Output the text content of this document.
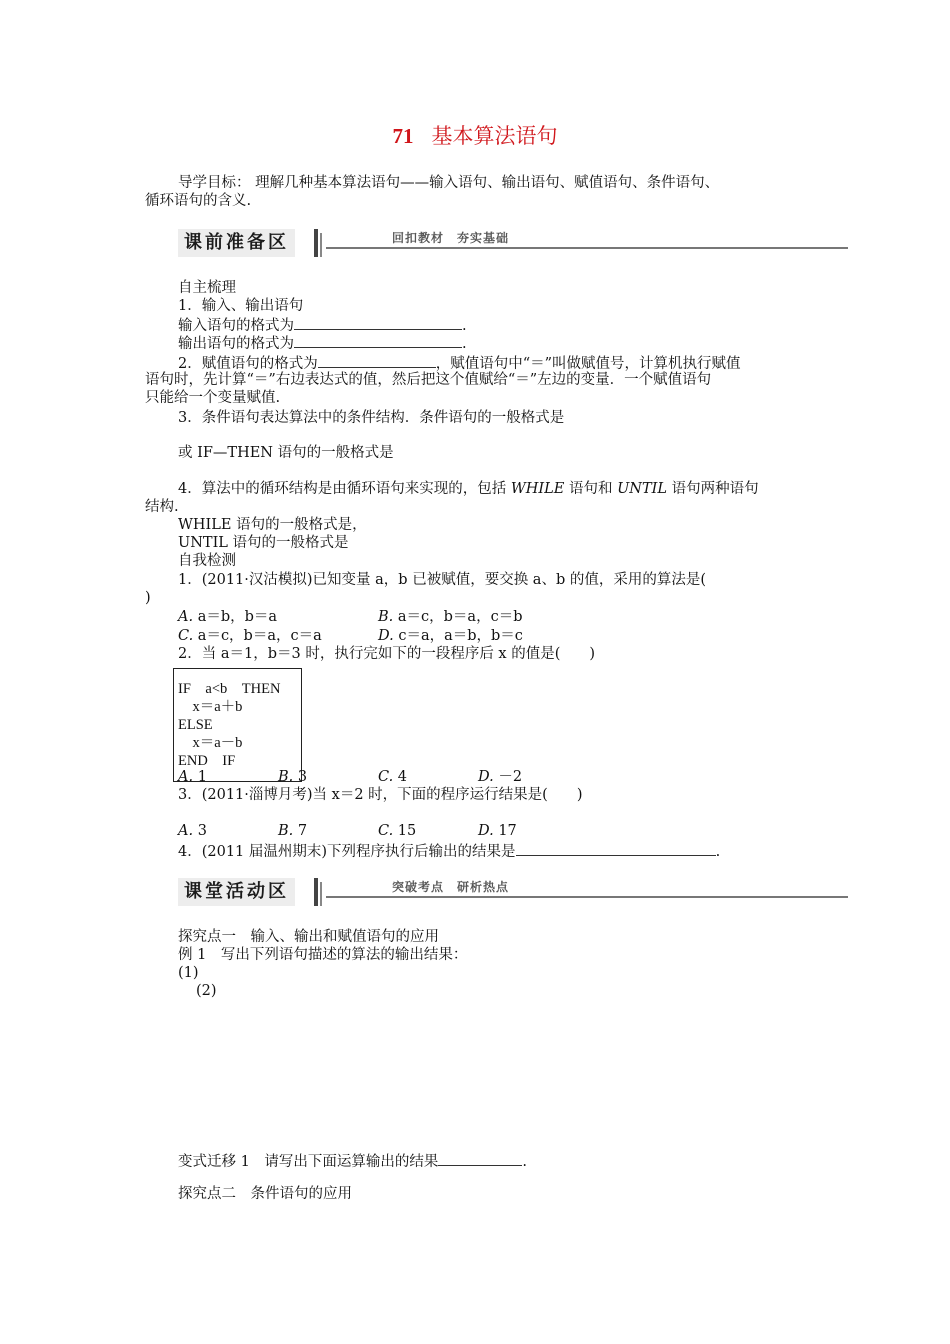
71 基本算法语句
导学目标： 理解几种基本算法语句——输入语句、输出语句、赋值语句、条件语句、
循环语句的含义.
课前准备区	回扣教材　夯实基础
自主梳理
1．输入、输出语句
输入语句的格式为	.
输出语句的格式为	.
2．赋值语句的格式为	，赋值语句中“＝”叫做赋值号，计算机执行赋值
语句时，先计算“＝”右边表达式的值，然后把这个值赋给“＝”左边的变量．一个赋值语句
只能给一个变量赋值.
3．条件语句表达算法中的条件结构．条件语句的一般格式是
或 IF—THEN 语句的一般格式是
4．算法中的循环结构是由循环语句来实现的，包括 WHILE 语句和 UNTIL 语句两种语句
结构.
WHILE 语句的一般格式是，
UNTIL 语句的一般格式是
自我检测
1．(2011·汉沽模拟)已知变量 a，b 已被赋值，要交换 a、b 的值，采用的算法是(
)
A. a＝b，b＝a	B. a＝c，b＝a，c＝b
C. a＝c，b＝a，c＝a	D. c＝a，a＝b，b＝c
2．当 a＝1，b＝3 时，执行完如下的一段程序后 x 的值是(　　)
IF　a<b　THEN
　x＝a＋b
ELSE
　x＝a－b
END　IF
A. 1	B. 3	C. 4	D. －2
3．(2011·淄博月考)当 x＝2 时，下面的程序运行结果是(　　)
A. 3	B. 7	C. 15	D. 17
4．(2011 届温州期末)下列程序执行后输出的结果是	.
课堂活动区	突破考点　研析热点
探究点一　输入、输出和赋值语句的应用
例 1　写出下列语句描述的算法的输出结果：
(1)
(2)
变式迁移 1　请写出下面运算输出的结果	.
探究点二　条件语句的应用
